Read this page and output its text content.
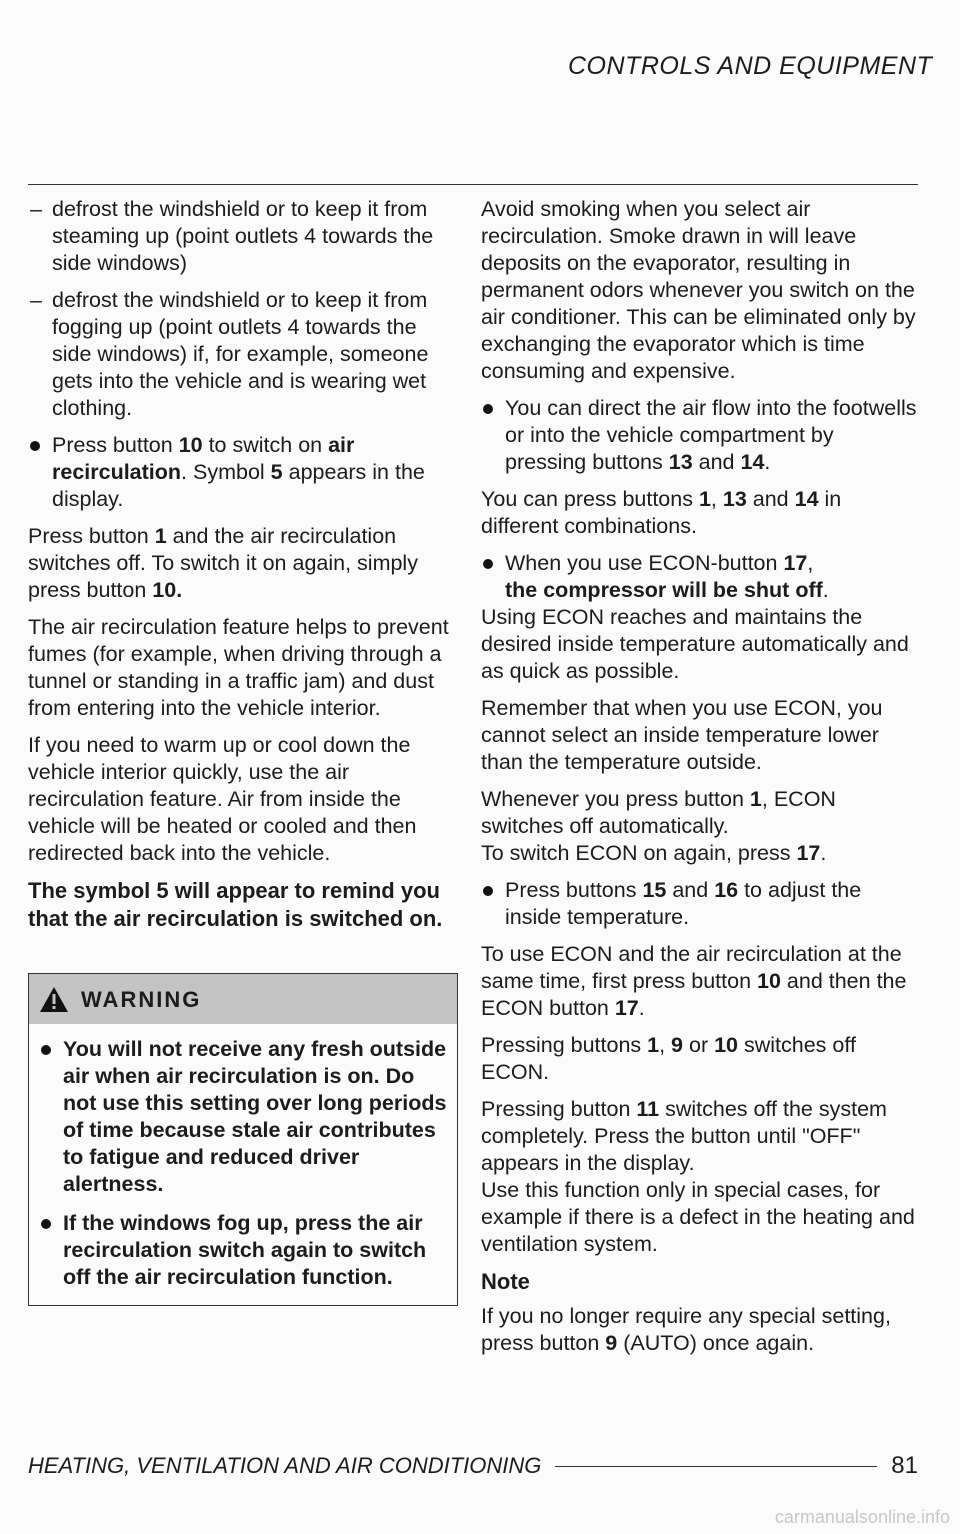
CONTROLS AND EQUIPMENT
– defrost the windshield or to keep it from steaming up (point outlets 4 towards the side windows)
– defrost the windshield or to keep it from fogging up (point outlets 4 towards the side windows) if, for example, someone gets into the vehicle and is wearing wet clothing.

Press button 10 to switch on air recirculation. Symbol 5 appears in the display.

Press button 1 and the air recirculation switches off. To switch it on again, simply press button 10.

The air recirculation feature helps to prevent fumes (for example, when driving through a tunnel or standing in a traffic jam) and dust from entering into the vehicle interior.

If you need to warm up or cool down the vehicle interior quickly, use the air recirculation feature. Air from inside the vehicle will be heated or cooled and then redirected back into the vehicle.

The symbol 5 will appear to remind you that the air recirculation is switched on.

WARNING
You will not receive any fresh outside air when air recirculation is on. Do not use this setting over long periods of time because stale air contributes to fatigue and reduced driver alertness.
If the windows fog up, press the air recirculation switch again to switch off the air recirculation function.

Avoid smoking when you select air recirculation. Smoke drawn in will leave deposits on the evaporator, resulting in permanent odors whenever you switch on the air conditioner. This can be eliminated only by exchanging the evaporator which is time consuming and expensive.

You can direct the air flow into the footwells or into the vehicle compartment by pressing buttons 13 and 14.

You can press buttons 1, 13 and 14 in different combinations.

When you use ECON-button 17,
the compressor will be shut off.

Using ECON reaches and maintains the desired inside temperature automatically and as quick as possible.

Remember that when you use ECON, you cannot select an inside temperature lower than the temperature outside.

Whenever you press button 1, ECON switches off automatically.
To switch ECON on again, press 17.

Press buttons 15 and 16 to adjust the inside temperature.

To use ECON and the air recirculation at the same time, first press button 10 and then the ECON button 17.

Pressing buttons 1, 9 or 10 switches off ECON.

Pressing button 11 switches off the system completely. Press the button until "OFF" appears in the display.
Use this function only in special cases, for example if there is a defect in the heating and ventilation system.

Note

If you no longer require any special setting, press button 9 (AUTO) once again.

HEATING, VENTILATION AND AIR CONDITIONING	81
carmanualsonline.info
